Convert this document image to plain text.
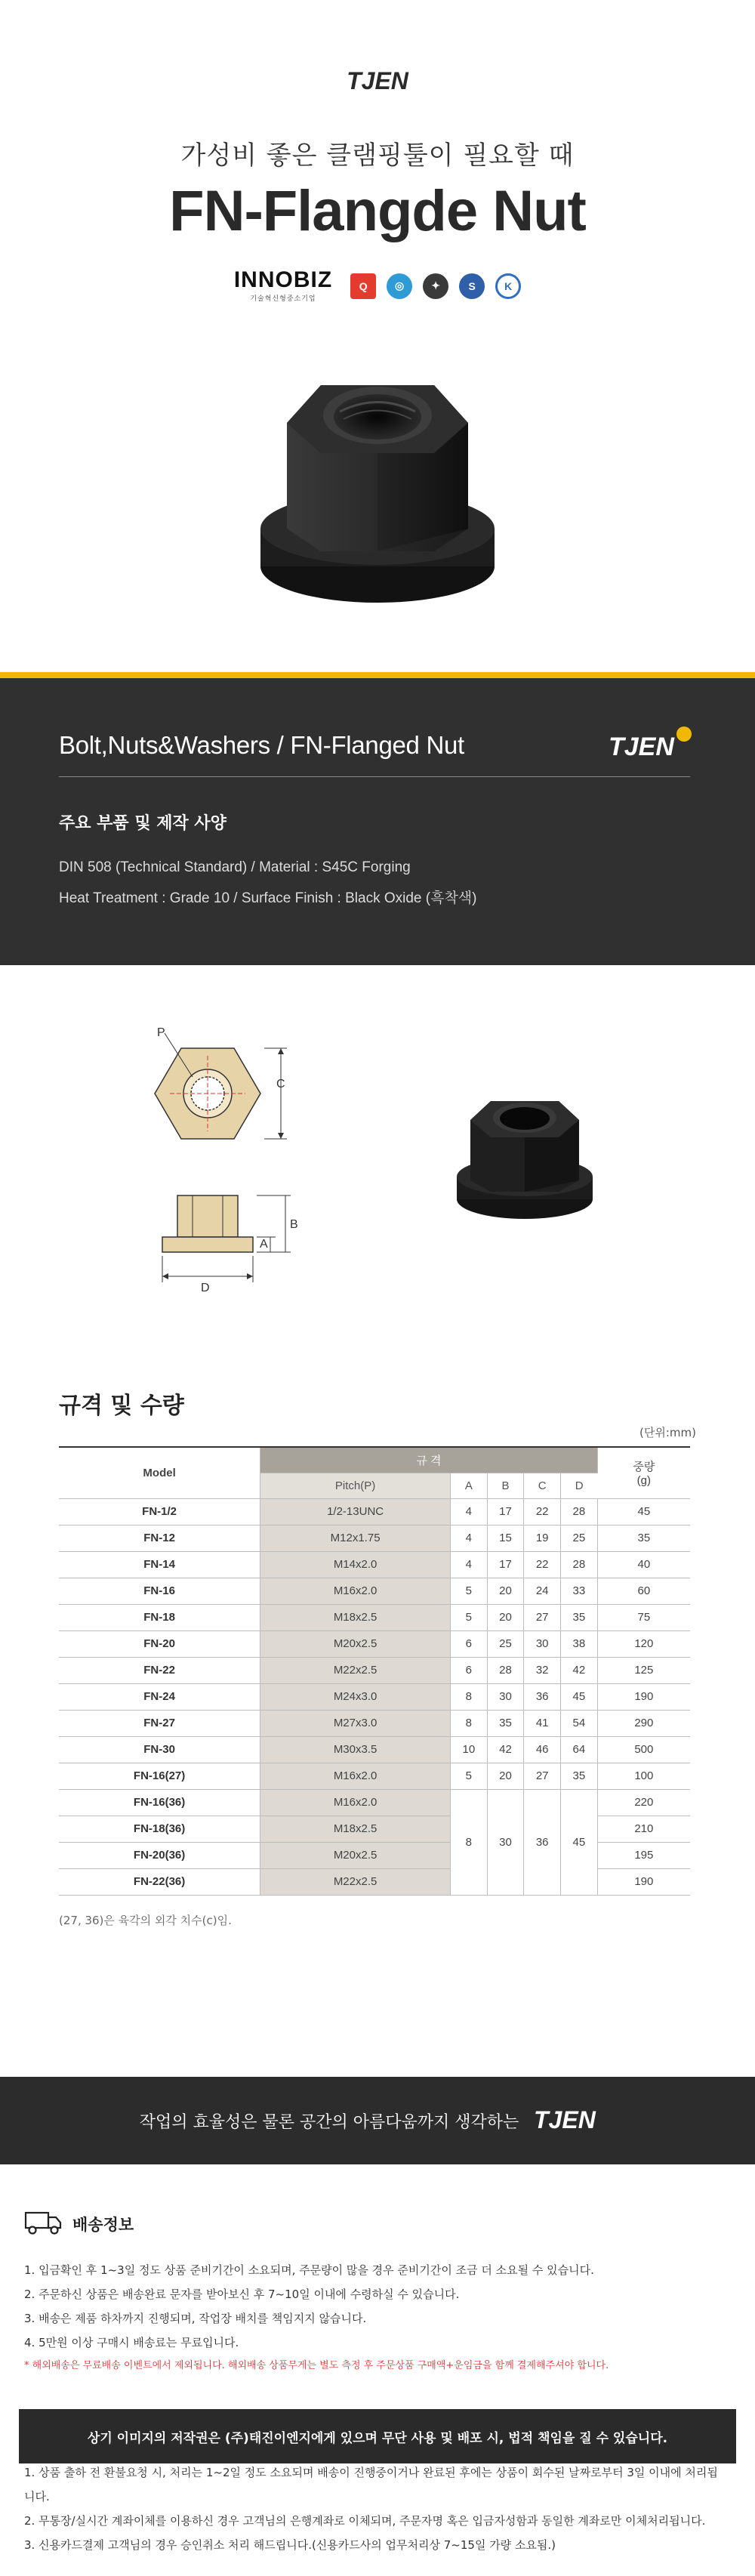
TJEN
가성비 좋은 클램핑툴이 필요할 때
FN-Flangde Nut
INNOBIZ
기술혁신형중소기업
Q	◎	✦	S	K
Bolt,Nuts&Washers / FN-Flanged Nut	TJEN
주요 부품 및 제작 사양
DIN 508 (Technical Standard) / Material : S45C Forging
Heat Treatment : Grade 10 / Surface Finish : Black Oxide (흑착색)
P
C
B
A
D
규격 및 수량
(단위:mm)
Model	규 격					중량
(g)
	Pitch(P)	A	B	C	D	
FN-1/2	1/2-13UNC	4	17	22	28	45
FN-12	M12x1.75	4	15	19	25	35
FN-14	M14x2.0	4	17	22	28	40
FN-16	M16x2.0	5	20	24	33	60
FN-18	M18x2.5	5	20	27	35	75
FN-20	M20x2.5	6	25	30	38	120
FN-22	M22x2.5	6	28	32	42	125
FN-24	M24x3.0	8	30	36	45	190
FN-27	M27x3.0	8	35	41	54	290
FN-30	M30x3.5	10	42	46	64	500
FN-16(27)	M16x2.0	5	20	27	35	100
FN-16(36)	M16x2.0	8	30	36	45	220
FN-18(36)	M18x2.5					210
FN-20(36)	M20x2.5					195
FN-22(36)	M22x2.5					190
(27, 36)은 육각의 외각 치수(c)임.
작업의 효율성은 물론 공간의 아름다움까지 생각하는 TJEN
배송정보
1. 입금확인 후 1~3일 정도 상품 준비기간이 소요되며, 주문량이 많을 경우 준비기간이 조금 더 소요될 수 있습니다.
2. 주문하신 상품은 배송완료 문자를 받아보신 후 7~10일 이내에 수령하실 수 있습니다.
3. 배송은 제품 하차까지 진행되며, 작업장 배치를 책임지지 않습니다.
4. 5만원 이상 구매시 배송료는 무료입니다.
* 해외배송은 무료배송 이벤트에서 제외됩니다. 해외배송 상품무게는 별도 측정 후 주문상품 구매액+운임금을 함께 결제해주셔야 합니다.
1. 상품 출하 전 환불요청 시, 처리는 1~2일 정도 소요되며 배송이 진행중이거나 완료된 후에는 상품이 회수된 날짜로부터 3일 이내에 처리됩니다.
2. 무통장/실시간 계좌이체를 이용하신 경우 고객님의 은행계좌로 이체되며, 주문자명 혹은 입금자성함과 동일한 계좌로만 이체처리됩니다.
3. 신용카드결제 고객님의 경우 승인취소 처리 해드립니다.(신용카드사의 업무처리상 7~15일 가량 소요됨.)
상기 이미지의 저작권은 (주)태진이엔지에게 있으며 무단 사용 및 배포 시, 법적 책임을 질 수 있습니다.
